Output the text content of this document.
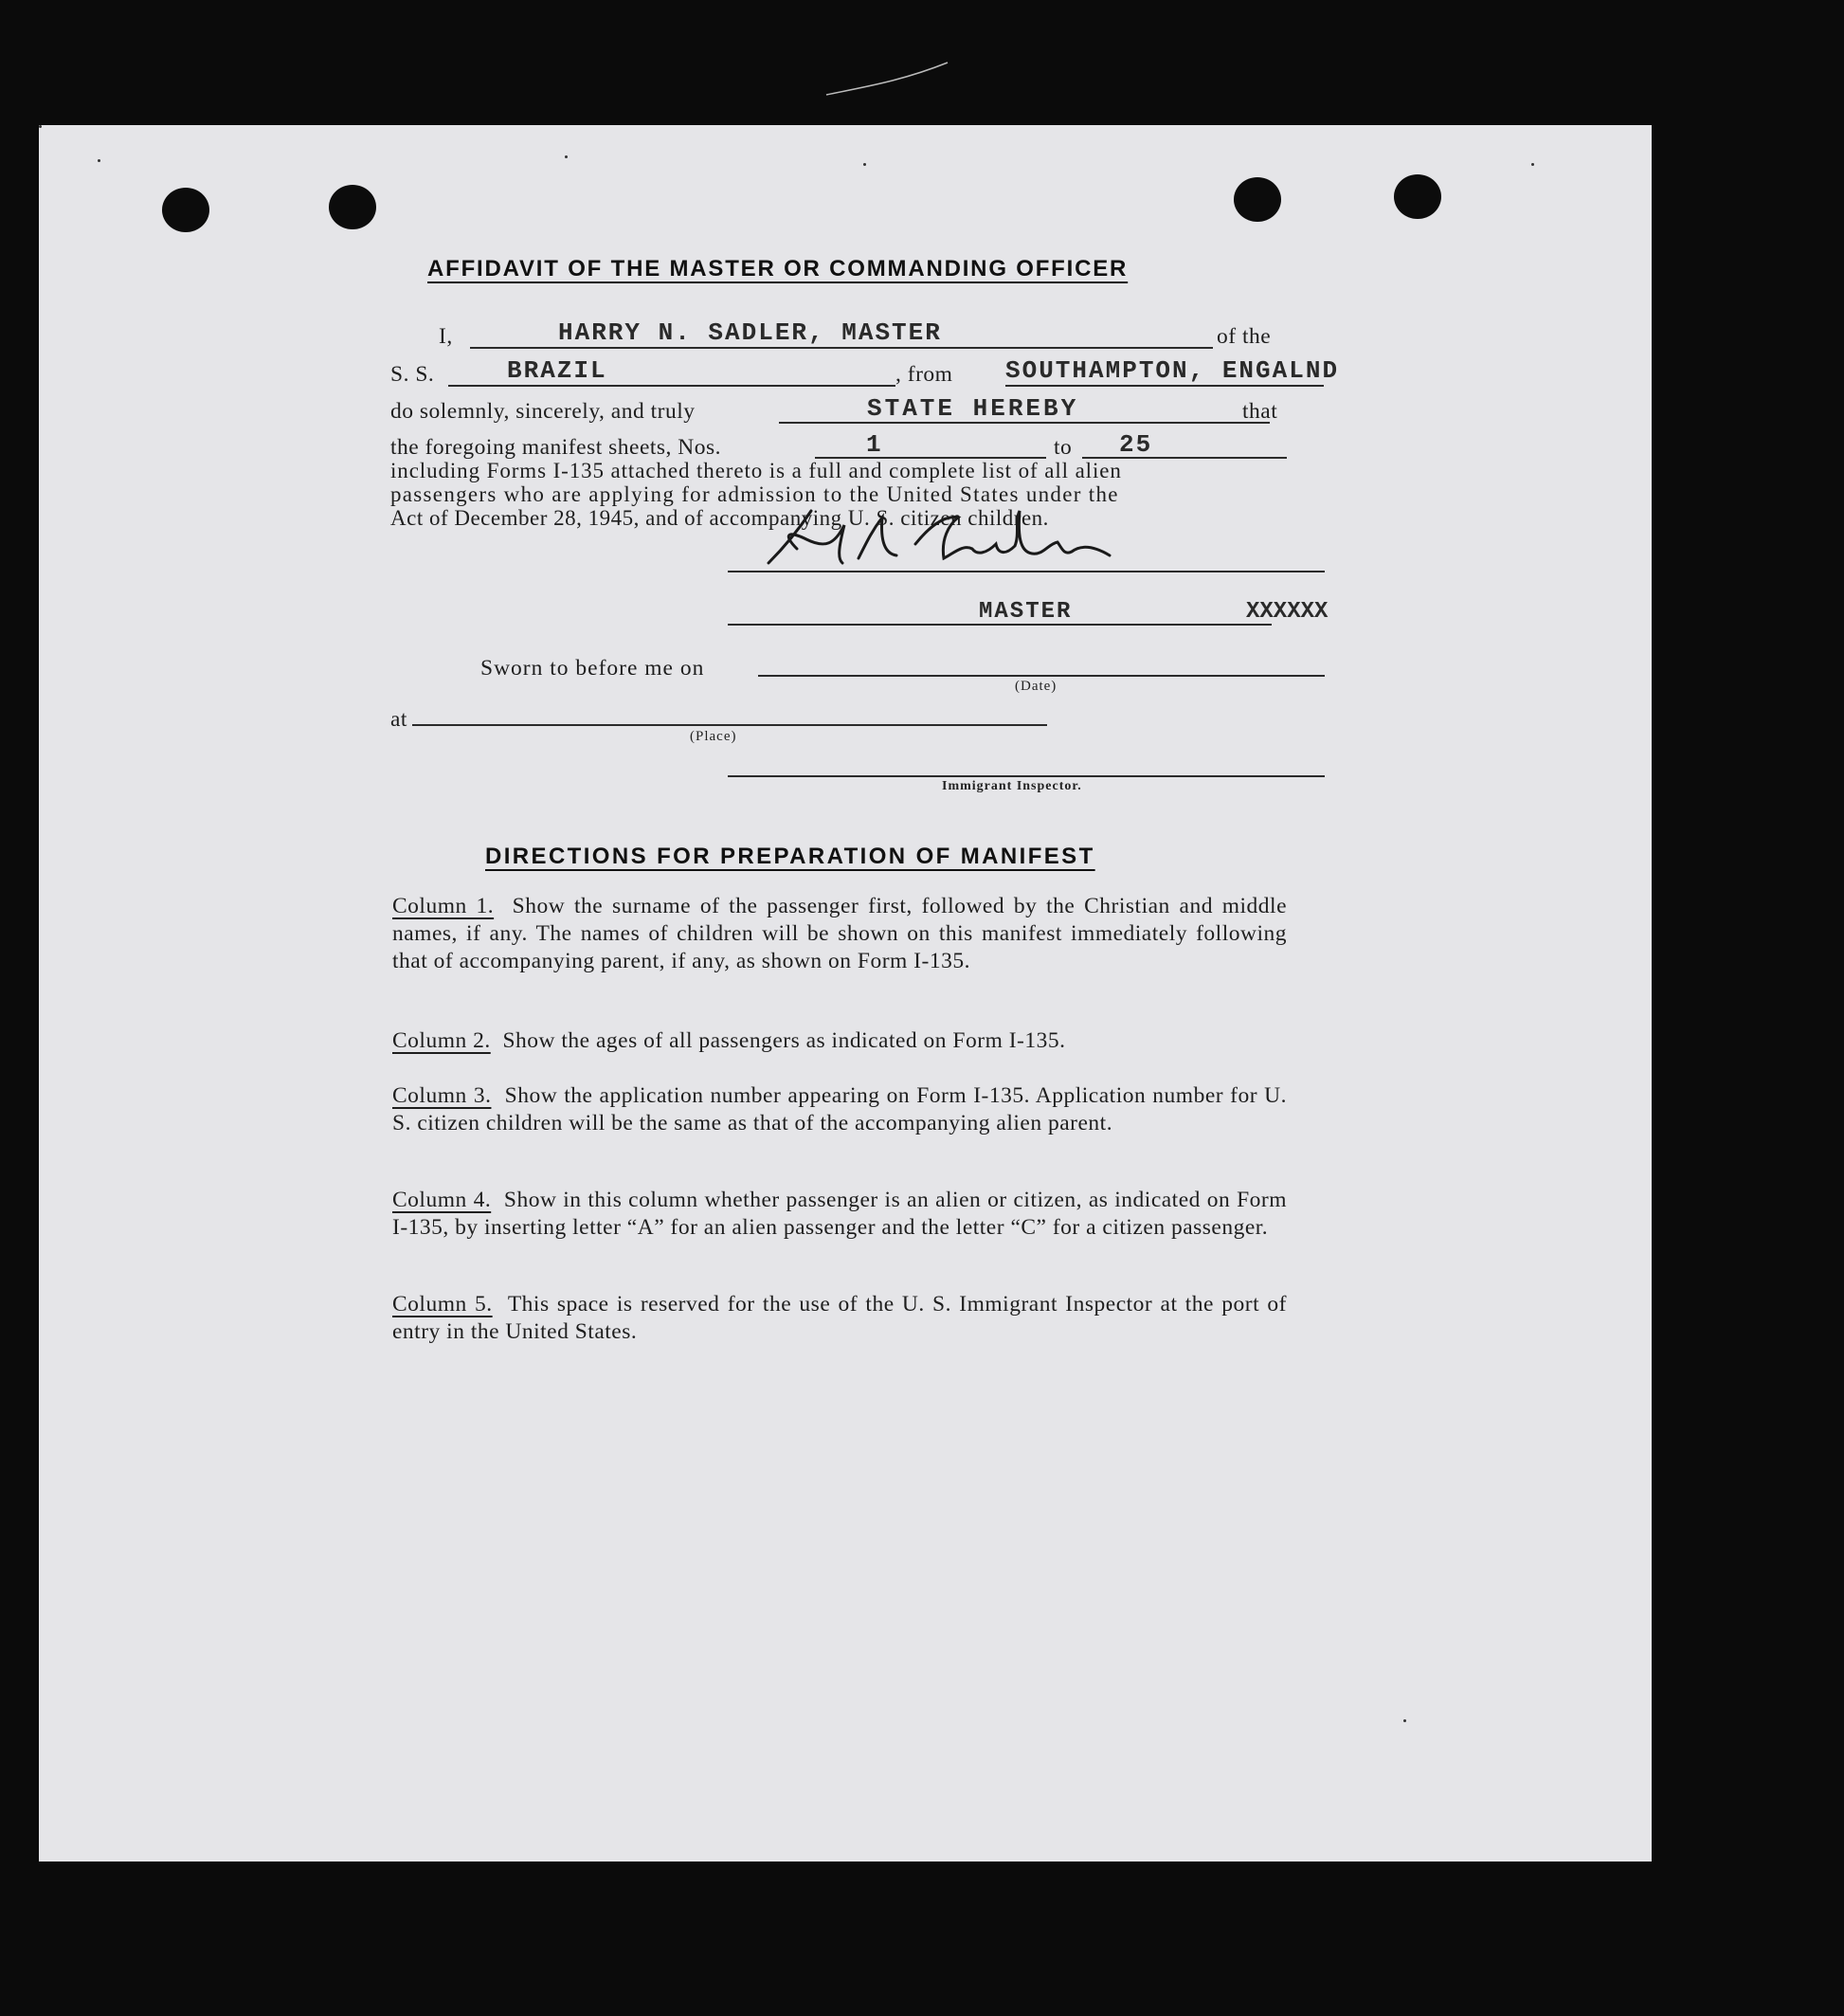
AFFIDAVIT OF THE MASTER OR COMMANDING OFFICER
I,	HARRY N. SADLER, MASTER	of the
S. S.	BRAZIL	, from SOUTHAMPTON, ENGALND
do solemnly, sincerely, and truly	STATE HEREBY	that
the foregoing manifest sheets, Nos.	1	to 25
including Forms I-135 attached thereto is a full and complete list of all alien
passengers who are applying for admission to the United States under the
Act of December 28, 1945, and of accompanying U. S. citizen children.
MASTER	XXXXXX
Sworn to before me on
(Date)
at
(Place)
Immigrant Inspector.
DIRECTIONS FOR PREPARATION OF MANIFEST
Column 1. Show the surname of the passenger first, followed by the Christian and middle names, if any. The names of children will be shown on this manifest immediately following that of accompanying parent, if any, as shown on Form I-135.
Column 2. Show the ages of all passengers as indicated on Form I-135.
Column 3. Show the application number appearing on Form I-135. Application number for U. S. citizen children will be the same as that of the accompanying alien parent.
Column 4. Show in this column whether passenger is an alien or citizen, as indicated on Form I-135, by inserting letter “A” for an alien passenger and the letter “C” for a citizen passenger.
Column 5. This space is reserved for the use of the U. S. Immigrant Inspector at the port of entry in the United States.
